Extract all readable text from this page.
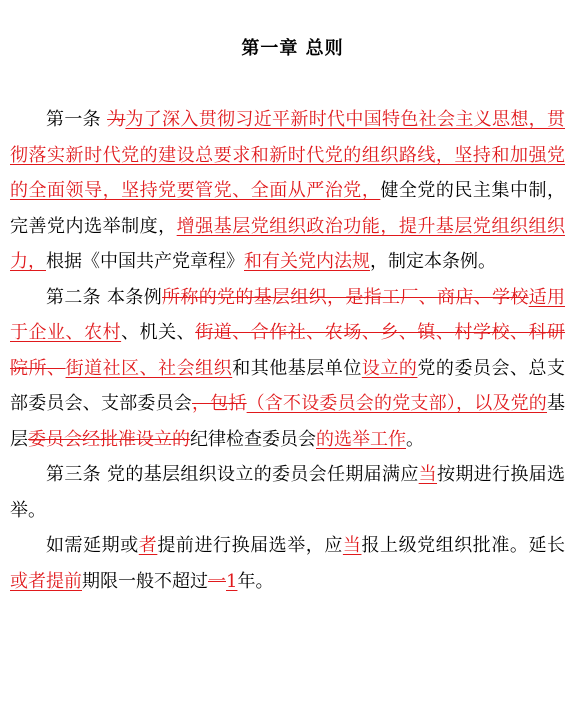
第一章 总则

第一条 为为了深入贯彻习近平新时代中国特色社会主义思想，贯彻落实新时代党的建设总要求和新时代党的组织路线，坚持和加强党的全面领导，坚持党要管党、全面从严治党，健全党的民主集中制，完善党内选举制度，增强基层党组织政治功能，提升基层党组织组织力，根据《中国共产党章程》和有关党内法规，制定本条例。

第二条 本条例所称的党的基层组织，是指工厂、商店、学校适用于企业、农村、机关、街道、合作社、农场、乡、镇、村学校、科研院所、街道社区、社会组织和其他基层单位设立的党的委员会、总支部委员会、支部委员会，包括（含不设委员会的党支部），以及党的基层委员会经批准设立的纪律检查委员会的选举工作。

第三条 党的基层组织设立的委员会任期届满应当按期进行换届选举。

如需延期或者提前进行换届选举，应当报上级党组织批准。延长或者提前期限一般不超过一1年。
